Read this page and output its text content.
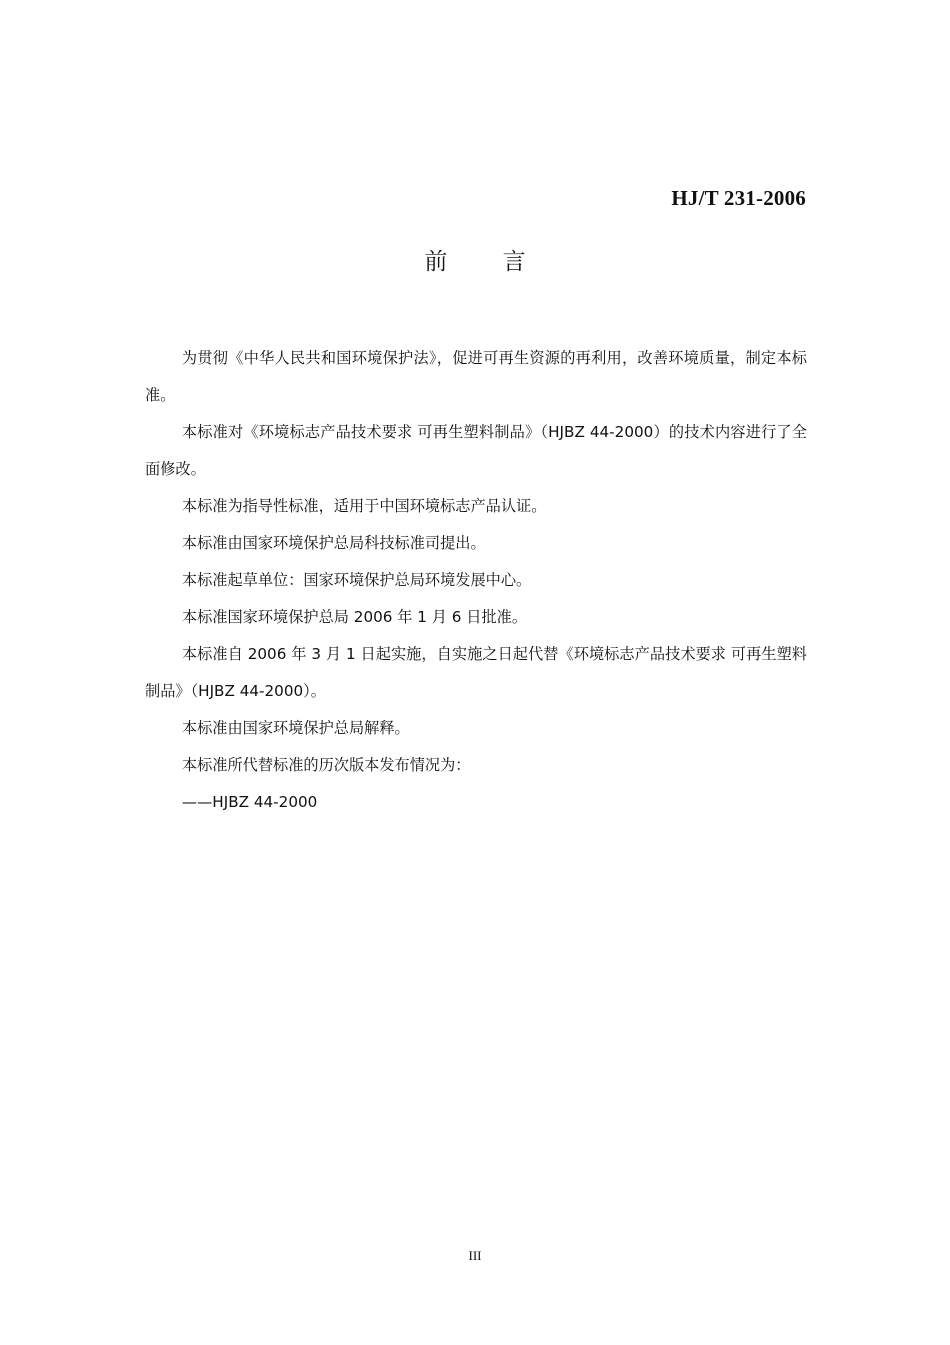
HJ/T 231-2006
前 言

为贯彻《中华人民共和国环境保护法》，促进可再生资源的再利用，改善环境质量，制定本标准。

本标准对《环境标志产品技术要求 可再生塑料制品》（HJBZ 44-2000）的技术内容进行了全面修改。

本标准为指导性标准，适用于中国环境标志产品认证。

本标准由国家环境保护总局科技标准司提出。

本标准起草单位：国家环境保护总局环境发展中心。

本标准国家环境保护总局 2006 年 1 月 6 日批准。

本标准自 2006 年 3 月 1 日起实施，自实施之日起代替《环境标志产品技术要求 可再生塑料制品》（HJBZ 44-2000）。

本标准由国家环境保护总局解释。

本标准所代替标准的历次版本发布情况为：

——HJBZ 44-2000

III
